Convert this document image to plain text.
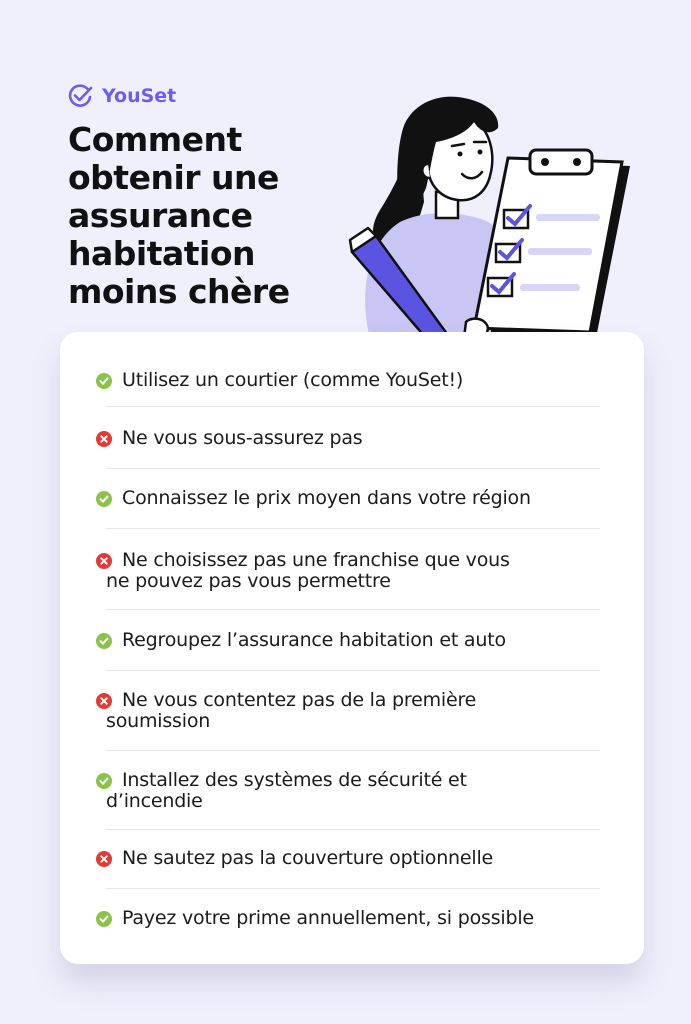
YouSet
Comment
obtenir une
assurance
habitation
moins chère
Utilisez un courtier (comme YouSet!)
Ne vous sous-assurez pas
Connaissez le prix moyen dans votre région
Ne choisissez pas une franchise que vous
ne pouvez pas vous permettre
Regroupez l’assurance habitation et auto
Ne vous contentez pas de la première
soumission
Installez des systèmes de sécurité et
d’incendie
Ne sautez pas la couverture optionnelle
Payez votre prime annuellement, si possible
